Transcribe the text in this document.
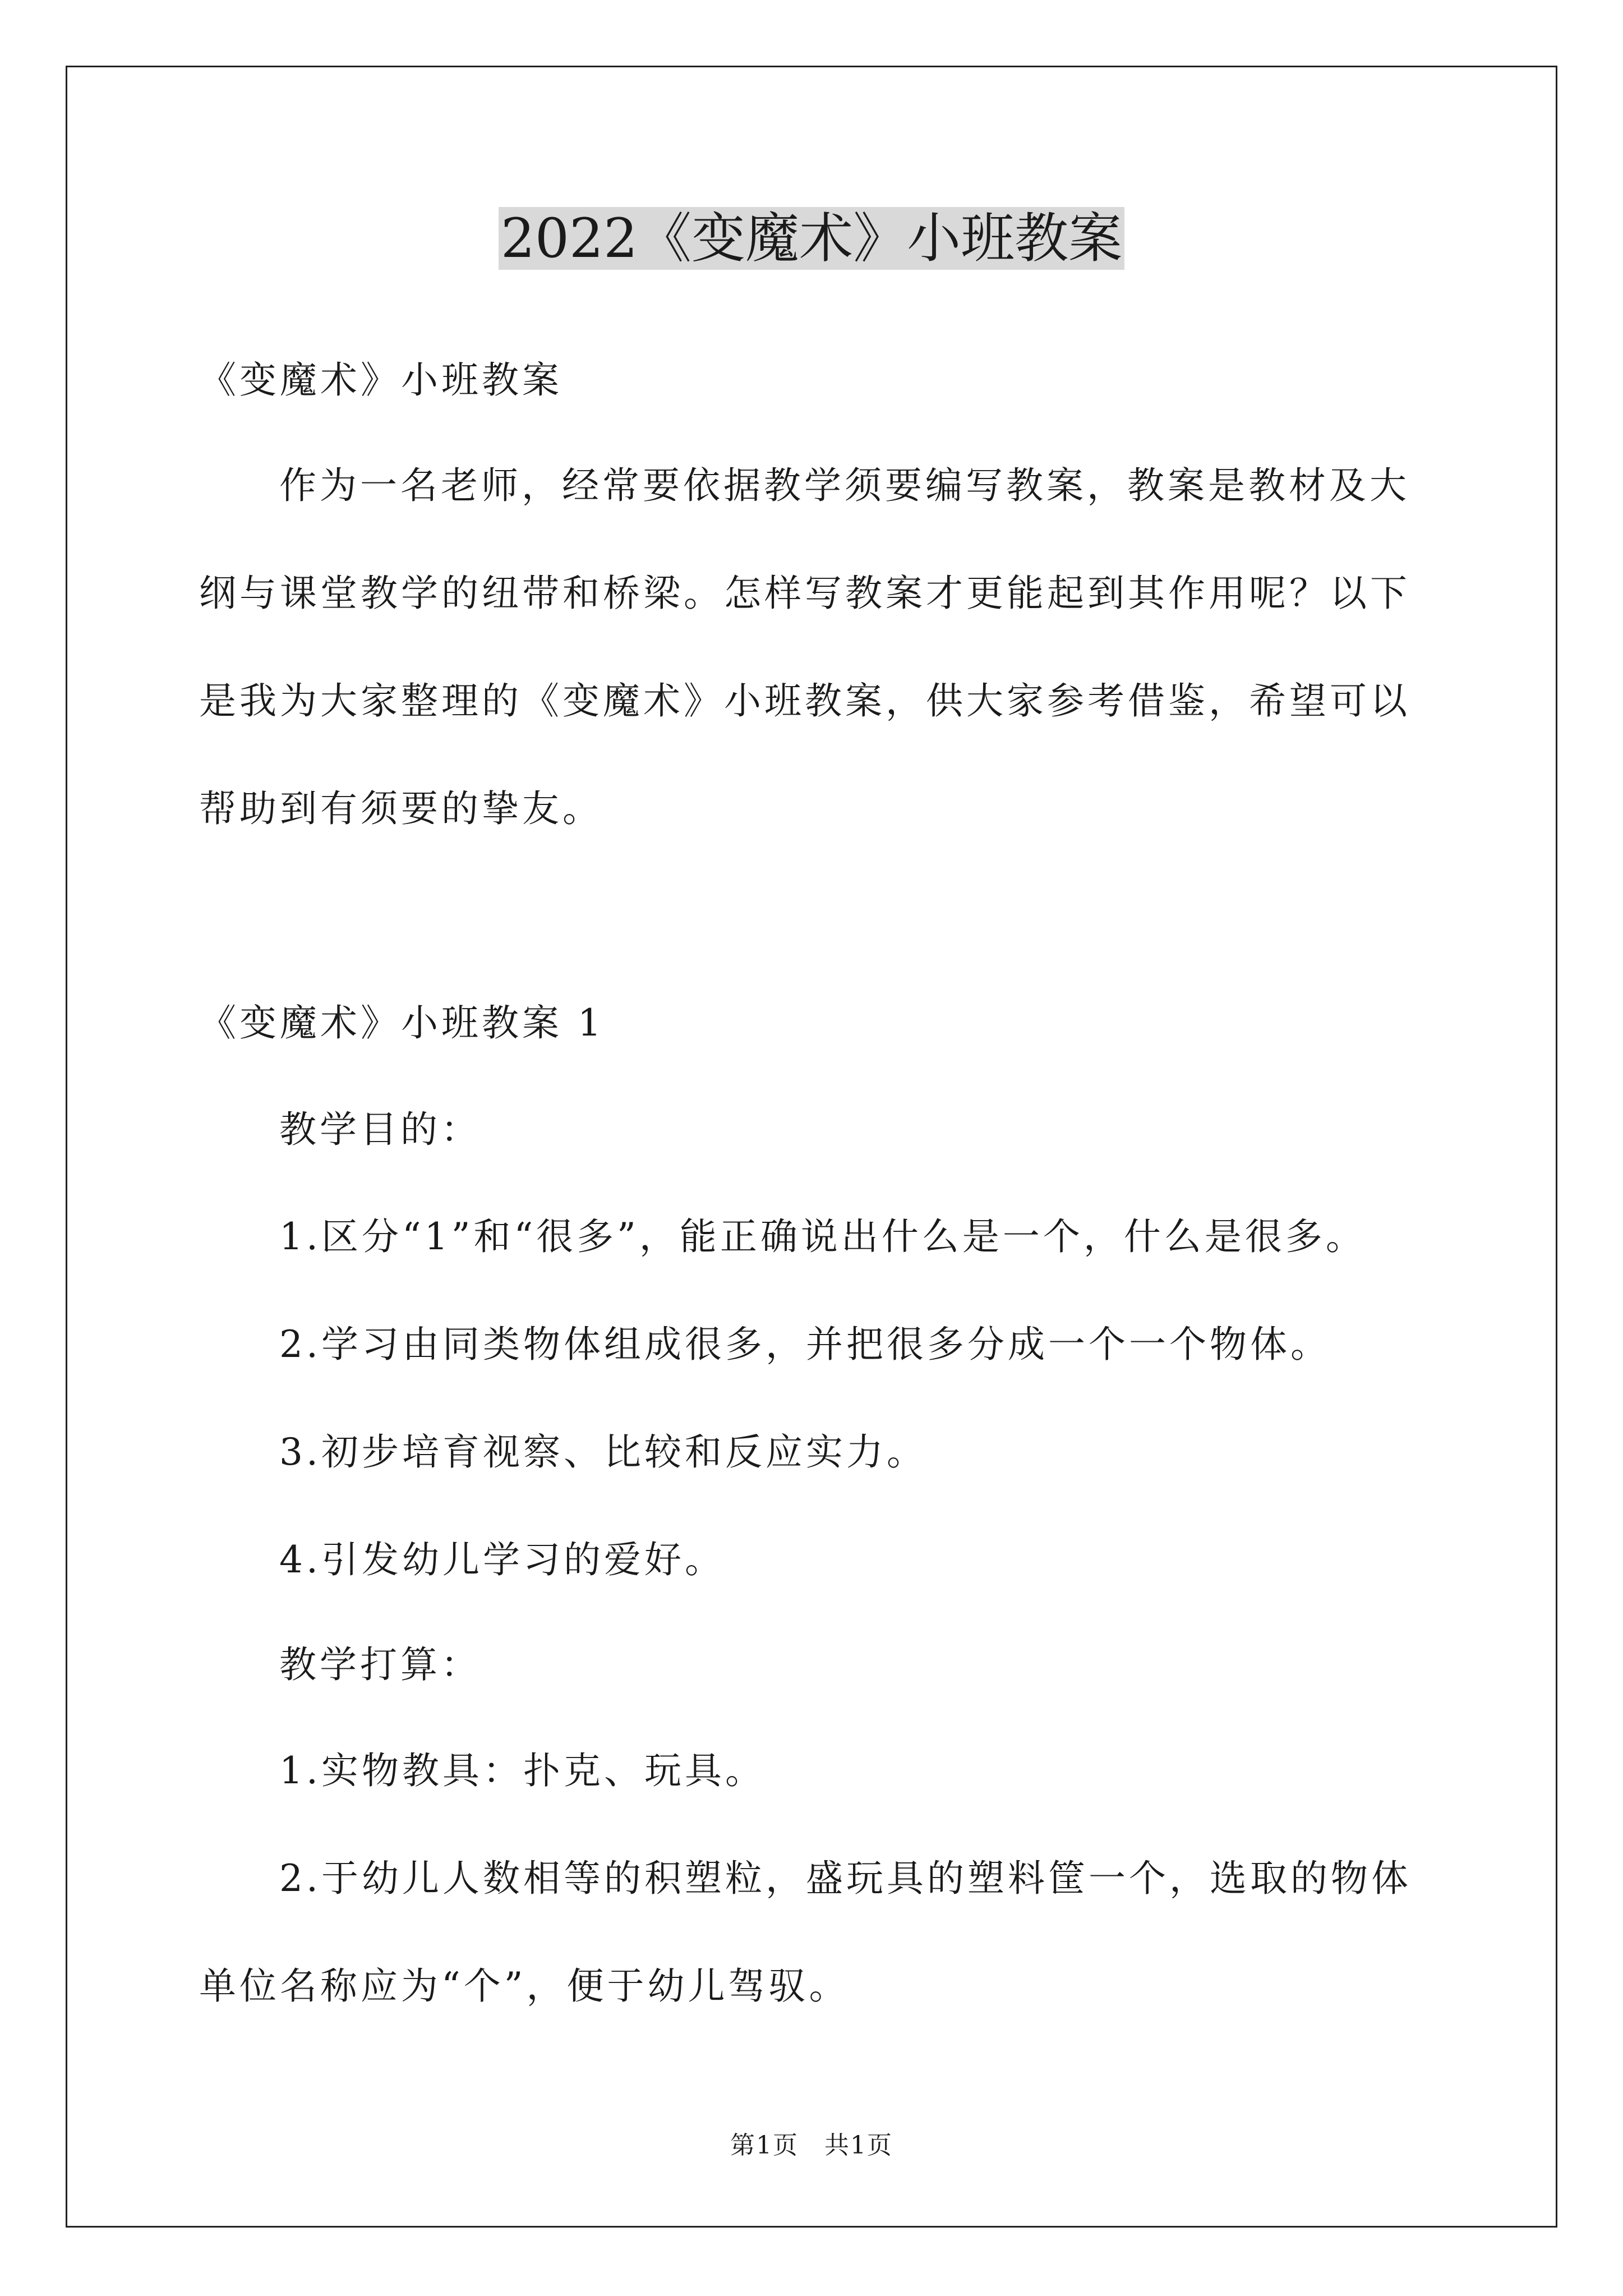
2022《变魔术》小班教案
《变魔术》小班教案
作为一名老师，经常要依据教学须要编写教案，教案是教材及大
纲与课堂教学的纽带和桥梁。怎样写教案才更能起到其作用呢？以下
是我为大家整理的《变魔术》小班教案，供大家参考借鉴，希望可以
帮助到有须要的挚友。
《变魔术》小班教案 1
教学目的：
1.区分“1”和“很多”，能正确说出什么是一个，什么是很多。
2.学习由同类物体组成很多，并把很多分成一个一个物体。
3.初步培育视察、比较和反应实力。
4.引发幼儿学习的爱好。
教学打算：
1.实物教具：扑克、玩具。
2.于幼儿人数相等的积塑粒，盛玩具的塑料筐一个，选取的物体
单位名称应为“个”，便于幼儿驾驭。
第1页　共1页
